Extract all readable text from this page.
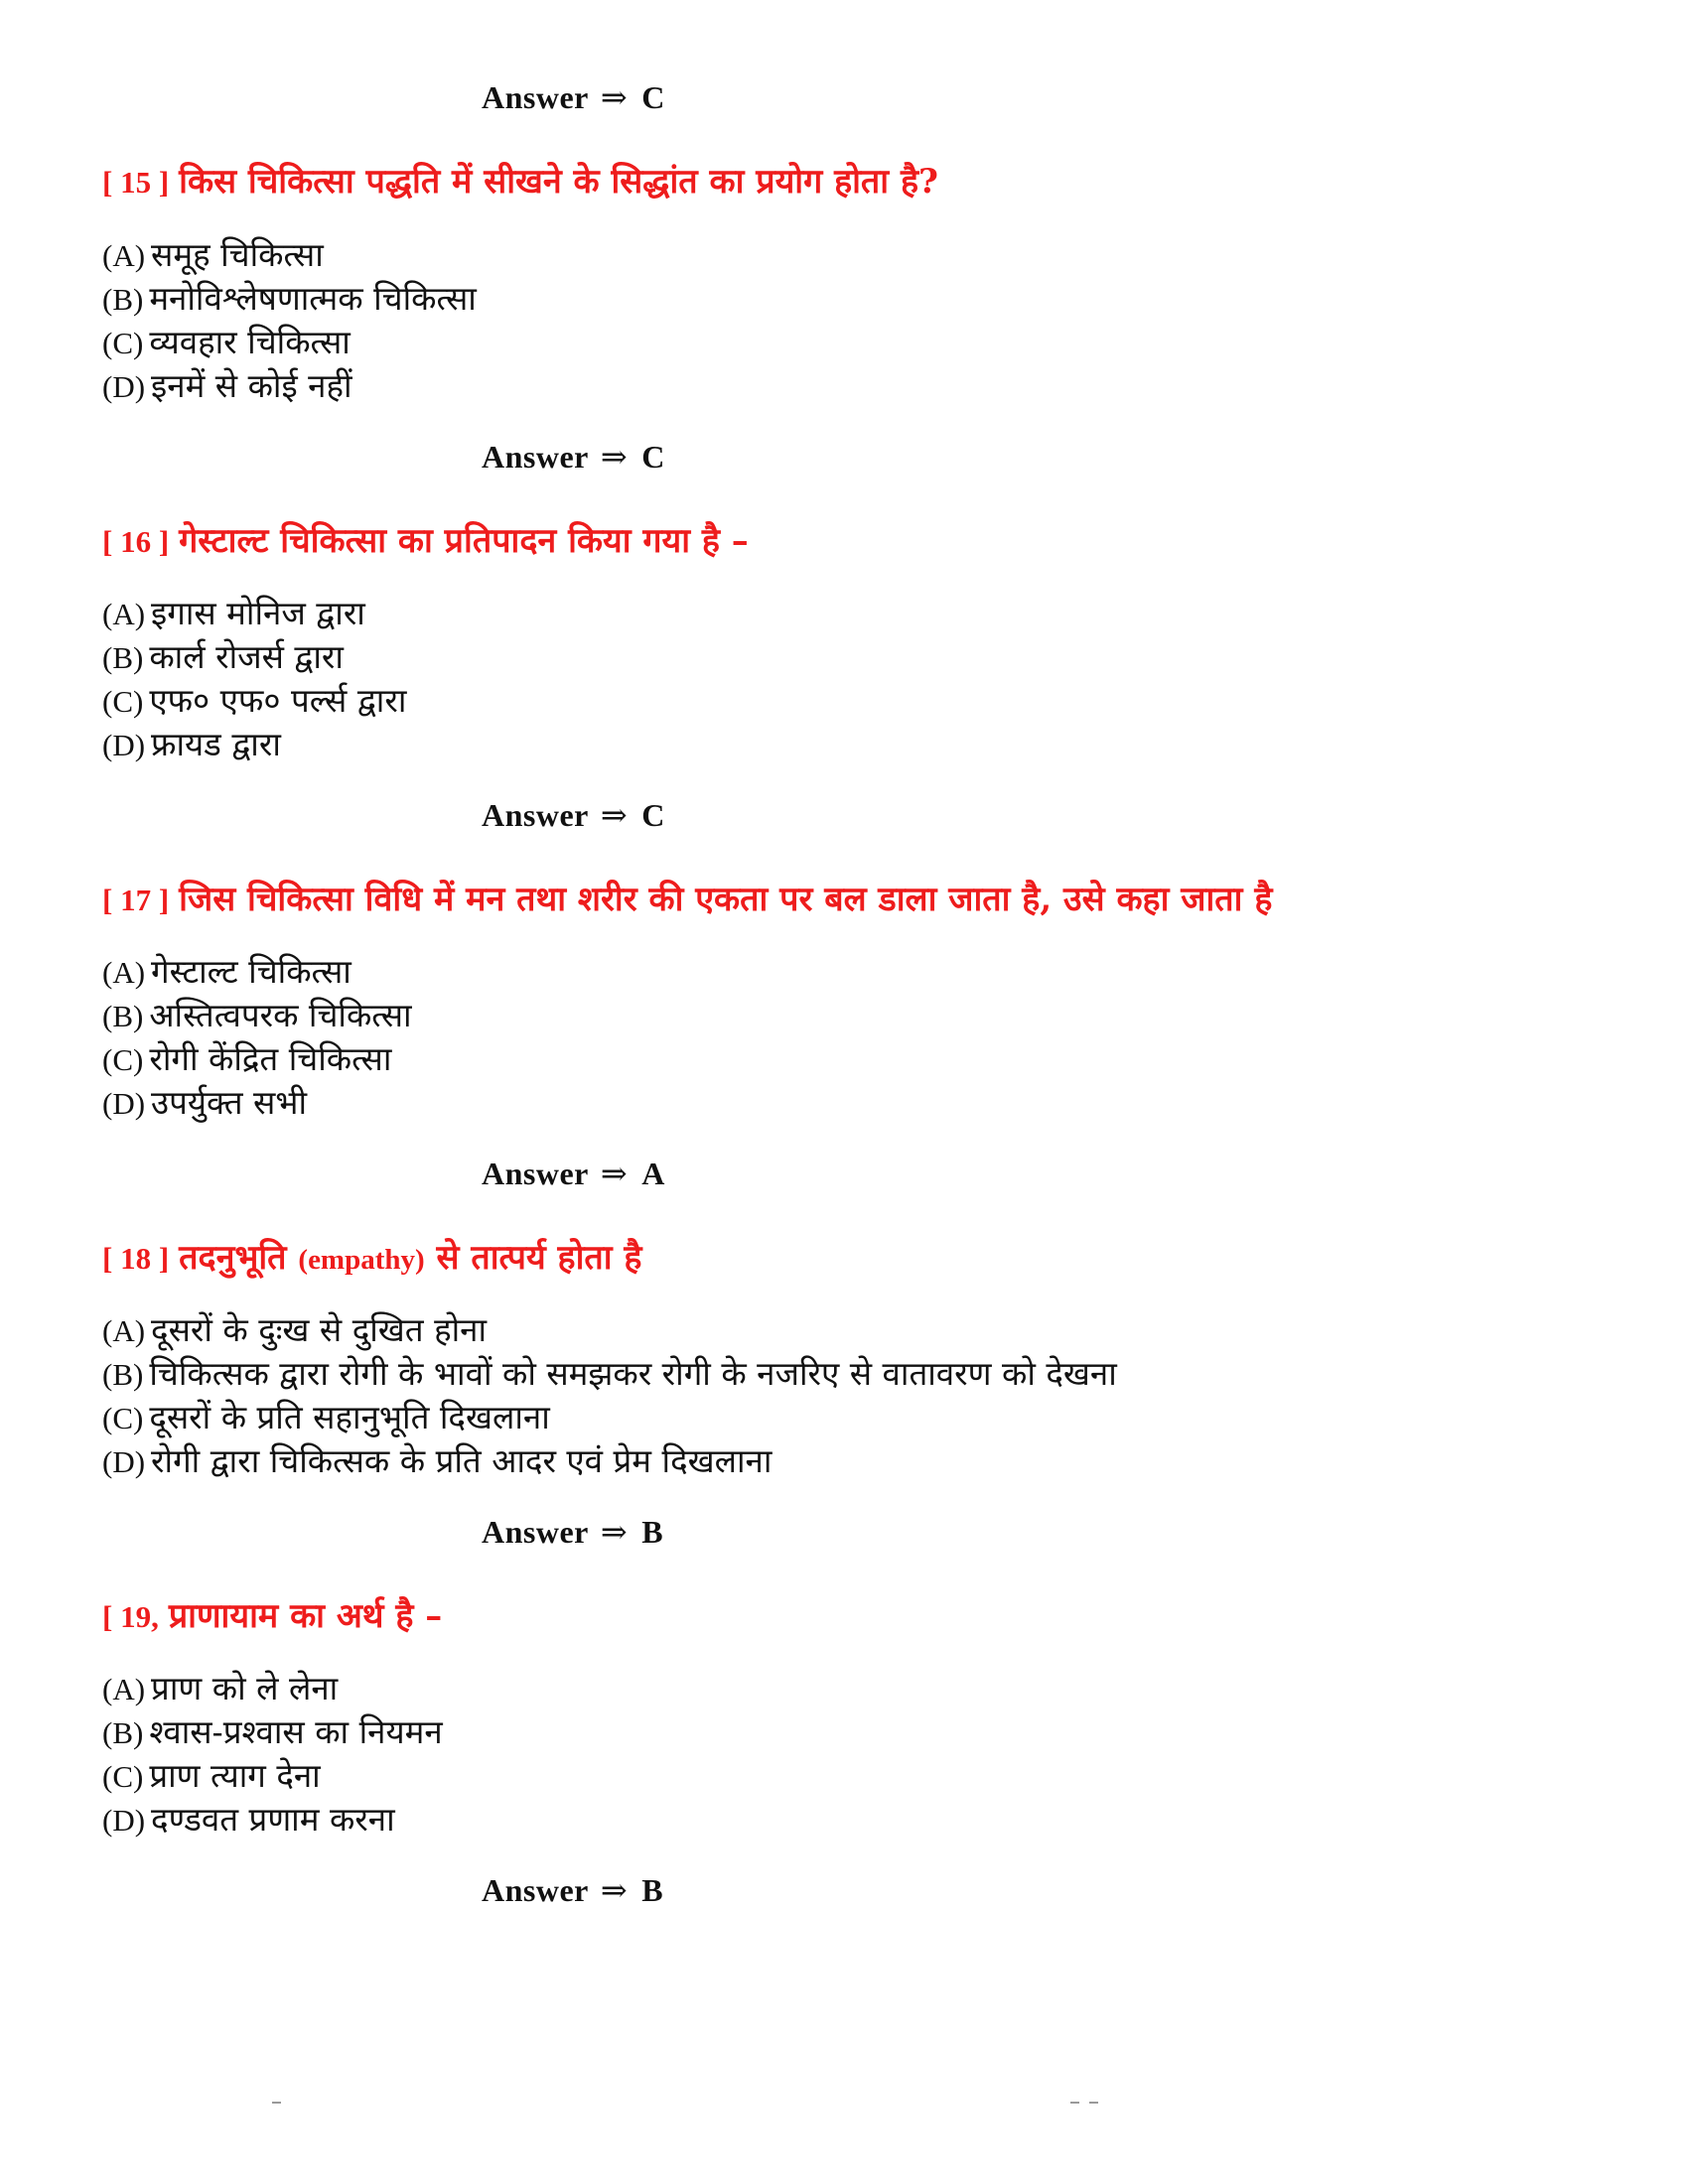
Answer ⇒ C
[ 15 ] किस चिकित्सा पद्धति में सीखने के सिद्धांत का प्रयोग होता है?
(A) समूह चिकित्सा
(B) मनोविश्लेषणात्मक चिकित्सा
(C) व्यवहार चिकित्सा
(D) इनमें से कोई नहीं
Answer ⇒ C
[ 16 ] गेस्टाल्ट चिकित्सा का प्रतिपादन किया गया है –
(A) इगास मोनिज द्वारा
(B) कार्ल रोजर्स द्वारा
(C) एफ० एफ० पर्ल्स द्वारा
(D) फ्रायड द्वारा
Answer ⇒ C
[ 17 ] जिस चिकित्सा विधि में मन तथा शरीर की एकता पर बल डाला जाता है, उसे कहा जाता है
(A) गेस्टाल्ट चिकित्सा
(B) अस्तित्वपरक चिकित्सा
(C) रोगी केंद्रित चिकित्सा
(D) उपर्युक्त सभी
Answer ⇒ A
[ 18 ] तदनुभूति (empathy) से तात्पर्य होता है
(A) दूसरों के दुःख से दुखित होना
(B) चिकित्सक द्वारा रोगी के भावों को समझकर रोगी के नजरिए से वातावरण को देखना
(C) दूसरों के प्रति सहानुभूति दिखलाना
(D) रोगी द्वारा चिकित्सक के प्रति आदर एवं प्रेम दिखलाना
Answer ⇒ B
[ 19, प्राणायाम का अर्थ है –
(A) प्राण को ले लेना
(B) श्वास-प्रश्वास का नियमन
(C) प्राण त्याग देना
(D) दण्डवत प्रणाम करना
Answer ⇒ B
